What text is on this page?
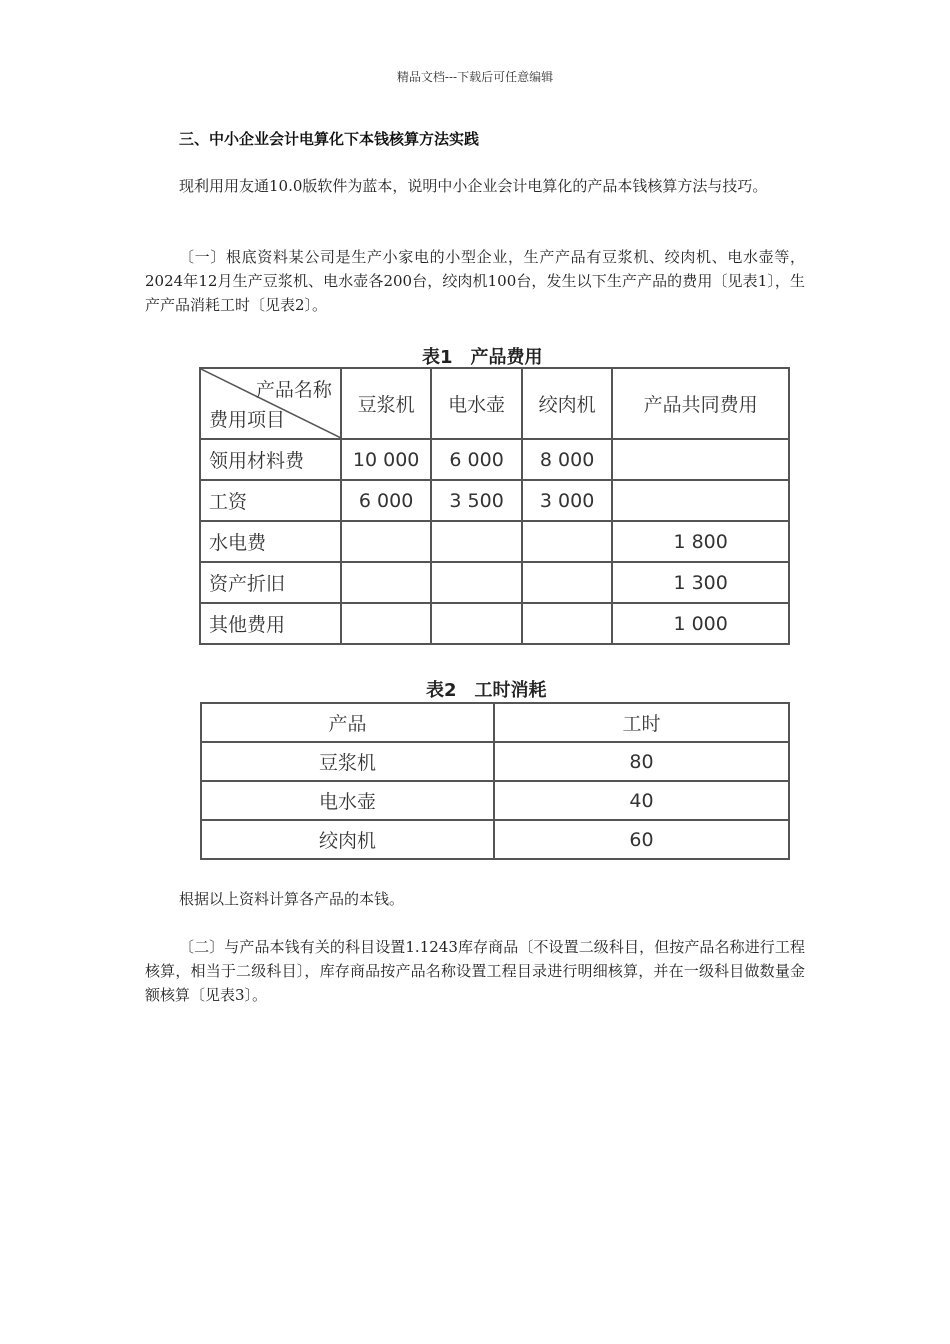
精品文档---下载后可任意编辑
三、中小企业会计电算化下本钱核算方法实践
现利用用友通10.0版软件为蓝本，说明中小企业会计电算化的产品本钱核算方法与技巧。
〔一〕根底资料某公司是生产小家电的小型企业，生产产品有豆浆机、绞肉机、电水壶等，2024年12月生产豆浆机、电水壶各200台，绞肉机100台，发生以下生产产品的费用〔见表1〕，生产产品消耗工时〔见表2〕。
表1　产品费用
产品名称
费用项目	豆浆机	电水壶	绞肉机	产品共同费用
领用材料费	10 000	6 000	8 000	
工资	6 000	3 500	3 000	
水电费				1 800
资产折旧				1 300
其他费用				1 000
表2　工时消耗
产品	工时
豆浆机	80
电水壶	40
绞肉机	60
根据以上资料计算各产品的本钱。
〔二〕与产品本钱有关的科目设置1.1243库存商品〔不设置二级科目，但按产品名称进行工程核算，相当于二级科目〕，库存商品按产品名称设置工程目录进行明细核算，并在一级科目做数量金额核算〔见表3〕。
